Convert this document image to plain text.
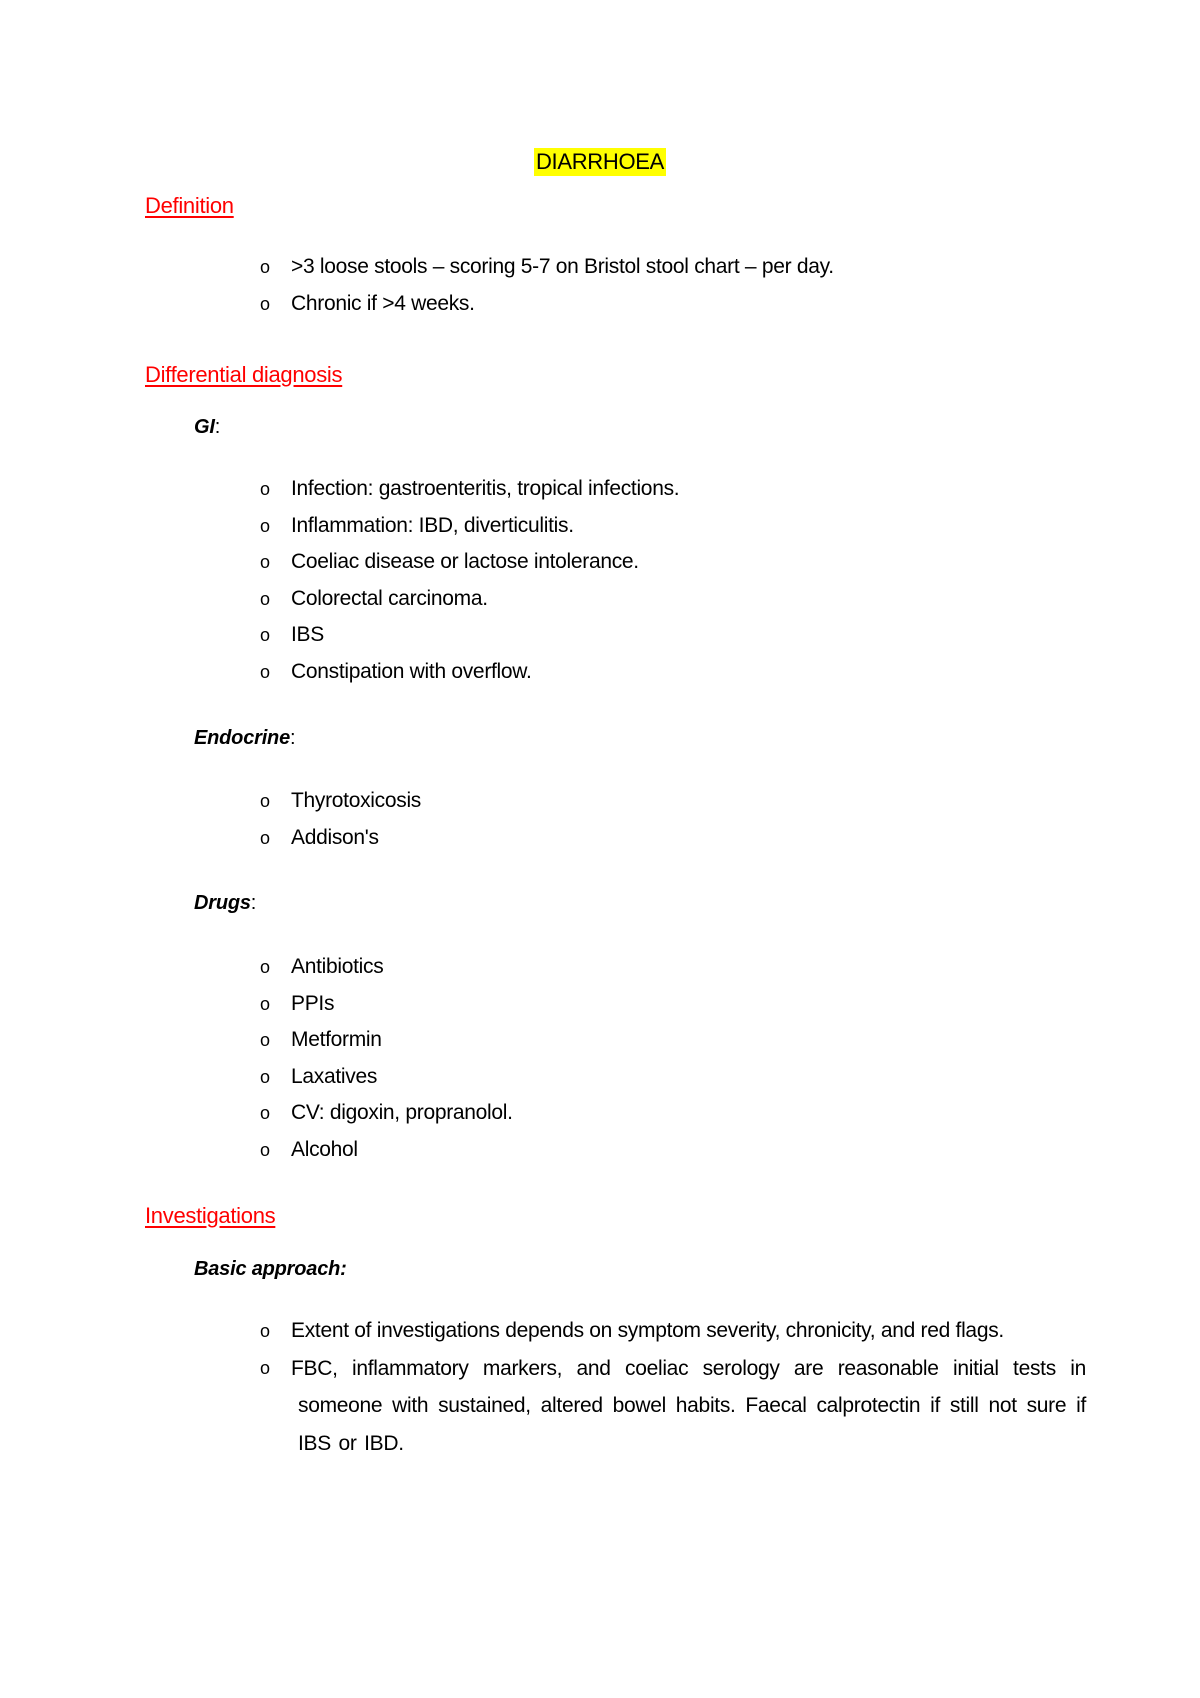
DIARRHOEA
Definition
o >3 loose stools – scoring 5-7 on Bristol stool chart – per day.
o Chronic if >4 weeks.
Differential diagnosis
GI:
o Infection: gastroenteritis, tropical infections.
o Inflammation: IBD, diverticulitis.
o Coeliac disease or lactose intolerance.
o Colorectal carcinoma.
o IBS
o Constipation with overflow.
Endocrine:
o Thyrotoxicosis
o Addison's
Drugs:
o Antibiotics
o PPIs
o Metformin
o Laxatives
o CV: digoxin, propranolol.
o Alcohol
Investigations
Basic approach:
o Extent of investigations depends on symptom severity, chronicity, and red flags.
o FBC, inflammatory markers, and coeliac serology are reasonable initial tests in someone with sustained, altered bowel habits. Faecal calprotectin if still not sure if IBS or IBD.
